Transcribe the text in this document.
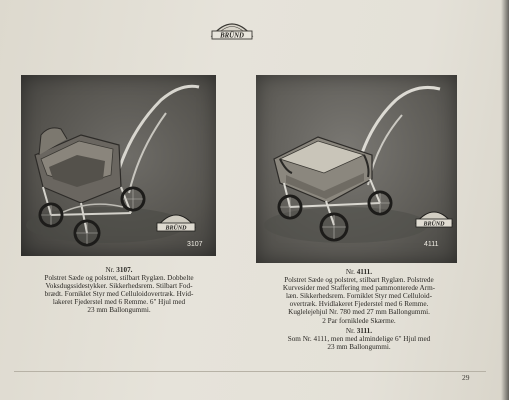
BRÜND
BRÜND
3107
BRÜND
4111
Nr. 3107.
Polstret Sæde og polstret, stilbart Ryglæn. Dobbelte
Voksdugssidestykker. Sikkerhedsrem. Stilbart Fod-
brædt. Forniklet Styr med Celluloidovertræk. Hvid-
lakeret Fjederstel med 6 Remme. 6" Hjul med
23 mm Ballongummi.
Nr. 4111.
Polstret Sæde og polstret, stilbart Ryglæn. Polstrede
Kurvesider med Staffering med pammonterede Arm-
læn. Sikkerhedsrem. Forniklet Styr med Celluloid-
overtræk. Hvidlakeret Fjederstel med 6 Remme.
Kuglelejehjul Nr. 780 med 27 mm Ballongummi.
2 Par forniklede Skærme.
Nr. 3111.
Som Nr. 4111, men med almindelige 6" Hjul med
23 mm Ballongummi.
29
